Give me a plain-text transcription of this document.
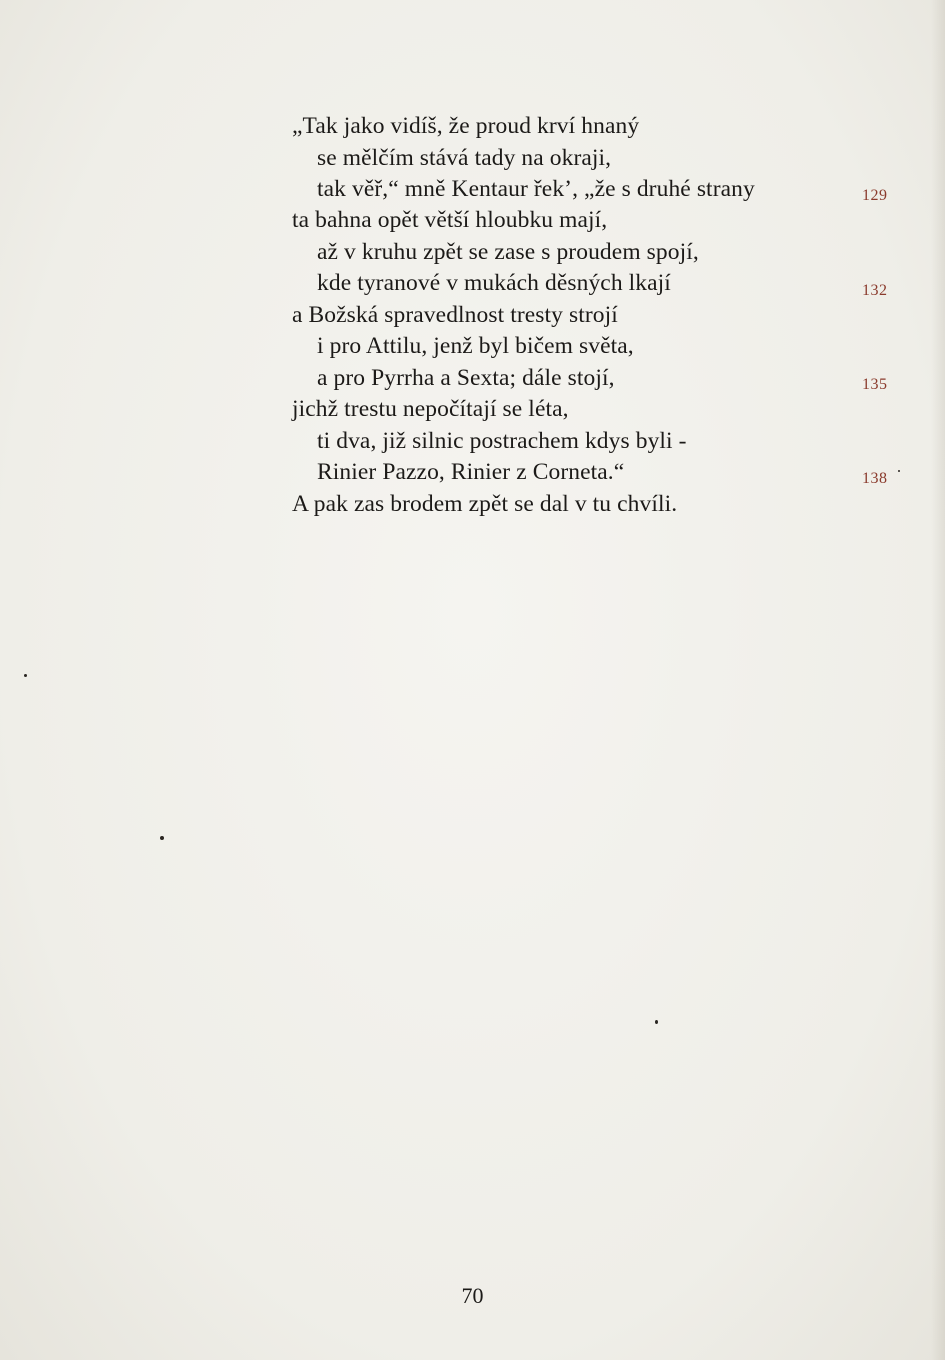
„Tak jako vidíš, že proud krví hnaný
se mělčím stává tady na okraji,
tak věř,“ mně Kentaur řek’, „že s druhé strany
ta bahna opět větší hloubku mají,
až v kruhu zpět se zase s proudem spojí,
kde tyranové v mukách děsných lkají
a Božská spravedlnost tresty strojí
i pro Attilu, jenž byl bičem světa,
a pro Pyrrha a Sexta; dále stojí,
jichž trestu nepočítají se léta,
ti dva, již silnic postrachem kdys byli -
Rinier Pazzo, Rinier z Corneta.“
A pak zas brodem zpět se dal v tu chvíli.
129
132
135
138
70
